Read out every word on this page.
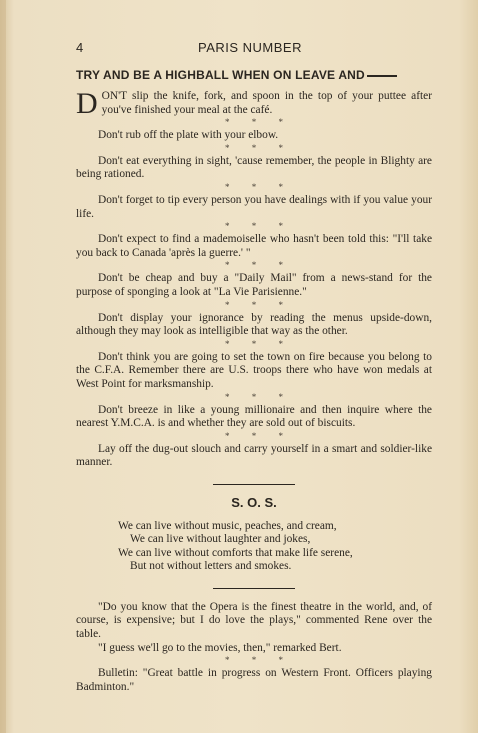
4	PARIS NUMBER
TRY AND BE A HIGHBALL WHEN ON LEAVE AND

DON'T slip the knife, fork, and spoon in the top of your puttee after you've finished your meal at the café.

* * *

Don't rub off the plate with your elbow.

* * *

Don't eat everything in sight, 'cause remember, the people in Blighty are being rationed.

* * *

Don't forget to tip every person you have dealings with if you value your life.

* * *

Don't expect to find a mademoiselle who hasn't been told this: "I'll take you back to Canada 'après la guerre.' "

* * *

Don't be cheap and buy a "Daily Mail" from a news-stand for the purpose of sponging a look at "La Vie Parisienne."

* * *

Don't display your ignorance by reading the menus upside-down, although they may look as intelligible that way as the other.

* * *

Don't think you are going to set the town on fire because you belong to the C.F.A. Remember there are U.S. troops there who have won medals at West Point for marksmanship.

* * *

Don't breeze in like a young millionaire and then inquire where the nearest Y.M.C.A. is and whether they are sold out of biscuits.

* * *

Lay off the dug-out slouch and carry yourself in a smart and soldier-like manner.

S. O. S.
We can live without music, peaches, and cream,
We can live without laughter and jokes,
We can live without comforts that make life serene,
But not without letters and smokes.

"Do you know that the Opera is the finest theatre in the world, and, of course, is expensive; but I do love the plays," commented Rene over the table.

"I guess we'll go to the movies, then," remarked Bert.

* * *

Bulletin: "Great battle in progress on Western Front. Officers playing Badminton."
